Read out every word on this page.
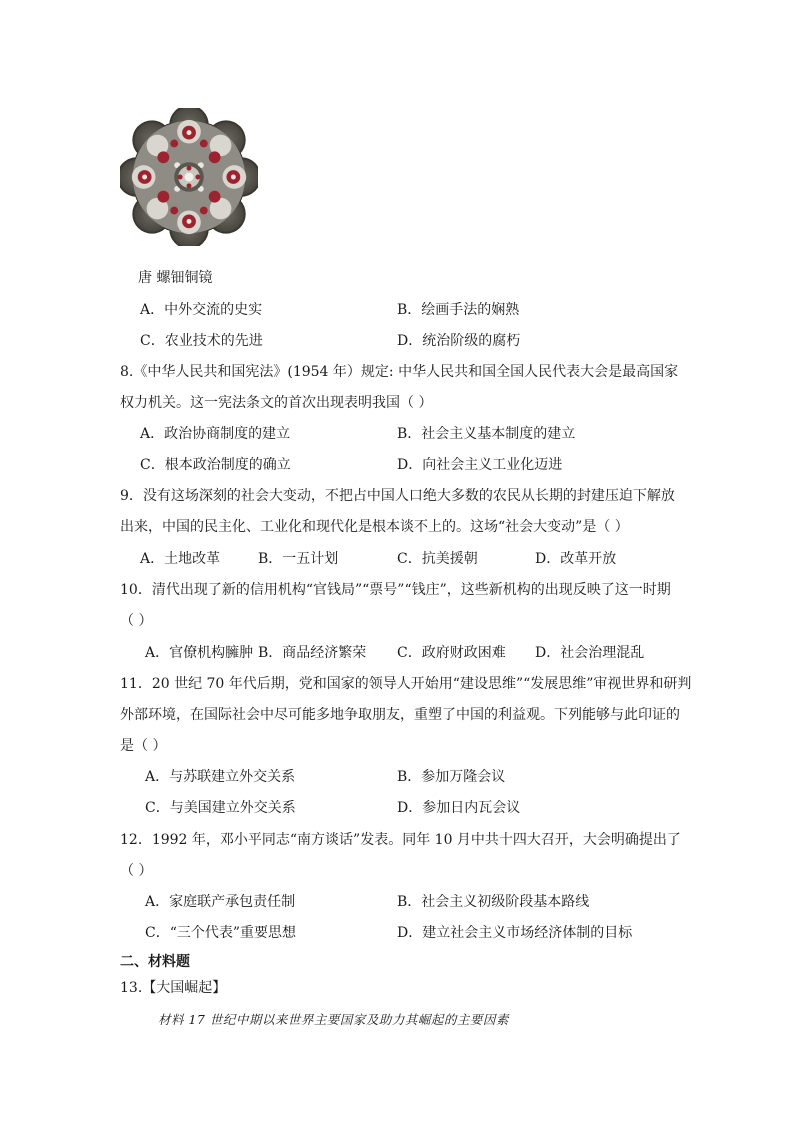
唐 螺钿铜镜
A．中外交流的史实	B．绘画手法的娴熟
C．农业技术的先进	D．统治阶级的腐朽
8.《中华人民共和国宪法》(1954 年）规定: 中华人民共和国全国人民代表大会是最高国家
权力机关。这一宪法条文的首次出现表明我国（ ）
A．政治协商制度的建立	B．社会主义基本制度的建立
C．根本政治制度的确立	D．向社会主义工业化迈进
9．没有这场深刻的社会大变动，不把占中国人口绝大多数的农民从长期的封建压迫下解放
出来，中国的民主化、工业化和现代化是根本谈不上的。这场“社会大变动”是（ ）
A．土地改革	B．一五计划	C．抗美援朝	D．改革开放
10．清代出现了新的信用机构“官钱局”“票号”“钱庄”，这些新机构的出现反映了这一时期
（ ）
A．官僚机构臃肿 B．商品经济繁荣 C．政府财政困难 D．社会治理混乱
11．20 世纪 70 年代后期，党和国家的领导人开始用“建设思维”“发展思维”审视世界和研判
外部环境，在国际社会中尽可能多地争取朋友，重塑了中国的利益观。下列能够与此印证的
是（ ）
A．与苏联建立外交关系	B．参加万隆会议
C．与美国建立外交关系	D．参加日内瓦会议
12．1992 年，邓小平同志“南方谈话”发表。同年 10 月中共十四大召开，大会明确提出了
（ ）
A．家庭联产承包责任制	B．社会主义初级阶段基本路线
C．“三个代表”重要思想	D．建立社会主义市场经济体制的目标
二、材料题
13.【大国崛起】
材料 17 世纪中期以来世界主要国家及助力其崛起的主要因素
